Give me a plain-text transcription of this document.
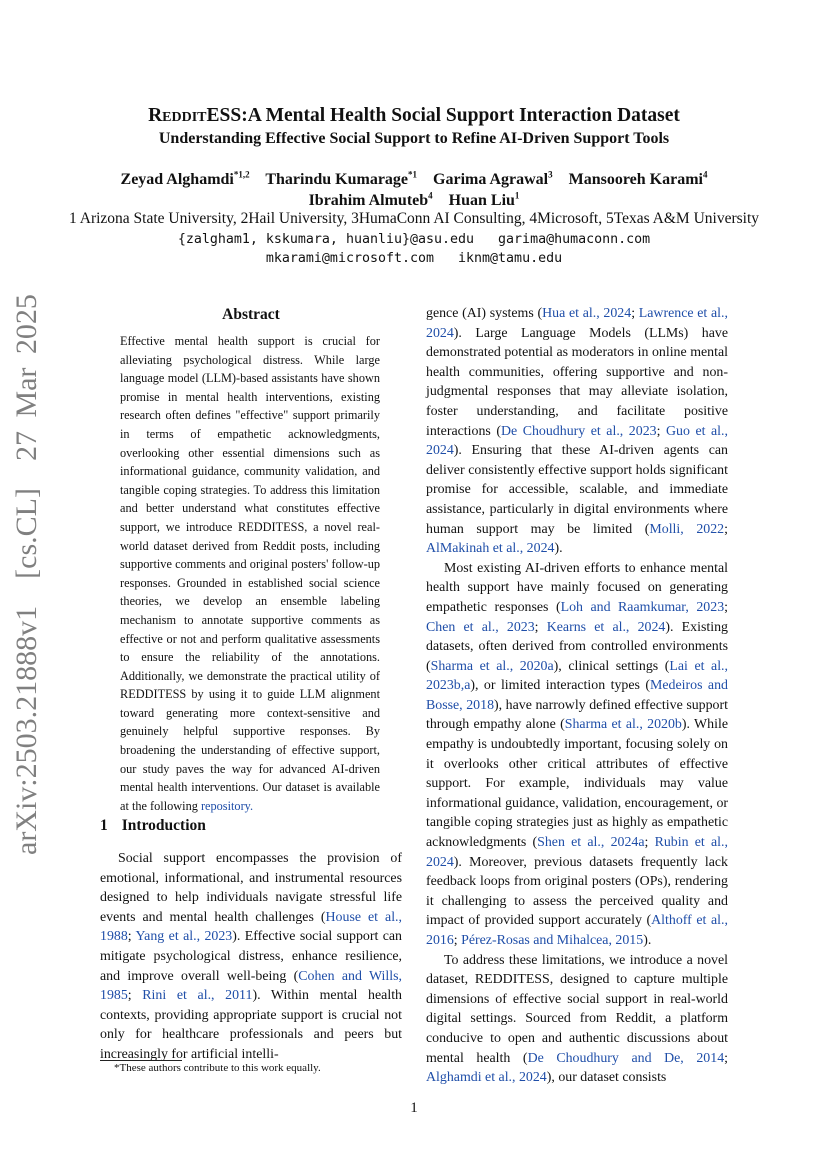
RedditESS:A Mental Health Social Support Interaction Dataset
Understanding Effective Social Support to Refine AI-Driven Support Tools
Zeyad Alghamdi$^{*1,2}$ Tharindu Kumarage$^{*1}$ Garima Agrawal$^3$ Mansooreh Karami$^4$
Ibrahim Almuteb$^4$ Huan Liu$^1$
1 Arizona State University, 2Hail University, 3HumaConn AI Consulting, 4Microsoft, 5Texas A&M University
{zalgham1, kskumara, huanliu}@asu.edu   garima@humaconn.com
mkarami@microsoft.com   iknm@tamu.edu
arXiv:2503.21888v1  [cs.CL]  27 Mar 2025	Abstract
Effective mental health support is crucial for alleviating psychological distress. While large language model (LLM)-based assistants have shown promise in mental health interventions, existing research often defines "effective" support primarily in terms of empathetic acknowledgments, overlooking other essential dimensions such as informational guidance, community validation, and tangible coping strategies. To address this limitation and better understand what constitutes effective support, we introduce REDDITESS, a novel real-world dataset derived from Reddit posts, including supportive comments and original posters' follow-up responses. Grounded in established social science theories, we develop an ensemble labeling mechanism to annotate supportive comments as effective or not and perform qualitative assessments to ensure the reliability of the annotations. Additionally, we demonstrate the practical utility of REDDITESS by using it to guide LLM alignment toward generating more context-sensitive and genuinely helpful supportive responses. By broadening the understanding of effective support, our study paves the way for advanced AI-driven mental health interventions. Our dataset is available at the following repository.
1 Introduction

Social support encompasses the provision of emotional, informational, and instrumental resources designed to help individuals navigate stressful life events and mental health challenges (House et al., 1988; Yang et al., 2023). Effective social support can mitigate psychological distress, enhance resilience, and improve overall well-being (Cohen and Wills, 1985; Rini et al., 2011). Within mental health contexts, providing appropriate support is crucial not only for healthcare professionals and peers but increasingly for artificial intelli-

*These authors contribute to this work equally.

gence (AI) systems (Hua et al., 2024; Lawrence et al., 2024). Large Language Models (LLMs) have demonstrated potential as moderators in online mental health communities, offering supportive and non-judgmental responses that may alleviate isolation, foster understanding, and facilitate positive interactions (De Choudhury et al., 2023; Guo et al., 2024). Ensuring that these AI-driven agents can deliver consistently effective support holds significant promise for accessible, scalable, and immediate assistance, particularly in digital environments where human support may be limited (Molli, 2022; AlMakinah et al., 2024).

Most existing AI-driven efforts to enhance mental health support have mainly focused on generating empathetic responses (Loh and Raamkumar, 2023; Chen et al., 2023; Kearns et al., 2024). Existing datasets, often derived from controlled environments (Sharma et al., 2020a), clinical settings (Lai et al., 2023b,a), or limited interaction types (Medeiros and Bosse, 2018), have narrowly defined effective support through empathy alone (Sharma et al., 2020b). While empathy is undoubtedly important, focusing solely on it overlooks other critical attributes of effective support. For example, individuals may value informational guidance, validation, encouragement, or tangible coping strategies just as highly as empathetic acknowledgments (Shen et al., 2024a; Rubin et al., 2024). Moreover, previous datasets frequently lack feedback loops from original posters (OPs), rendering it challenging to assess the perceived quality and impact of provided support accurately (Althoff et al., 2016; Pérez-Rosas and Mihalcea, 2015).

To address these limitations, we introduce a novel dataset, REDDITESS, designed to capture multiple dimensions of effective social support in real-world digital settings. Sourced from Reddit, a platform conducive to open and authentic discussions about mental health (De Choudhury and De, 2014; Alghamdi et al., 2024), our dataset consists

1
